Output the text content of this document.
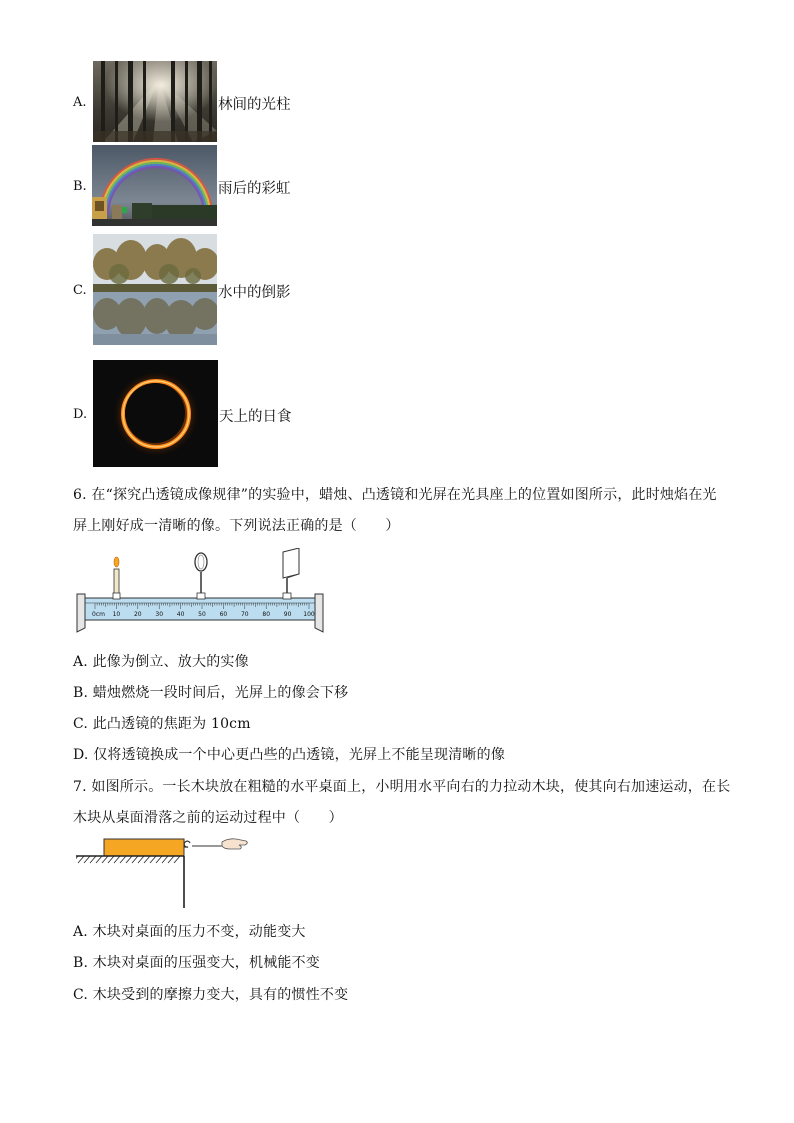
A.	林间的光柱
B.	雨后的彩虹
C.	水中的倒影
D.	天上的日食
6. 在“探究凸透镜成像规律”的实验中，蜡烛、凸透镜和光屏在光具座上的位置如图所示，此时烛焰在光
屏上刚好成一清晰的像。下列说法正确的是（　　）
0cm 10 20 30 40 50 60 70 80 90 100
A. 此像为倒立、放大的实像
B. 蜡烛燃烧一段时间后，光屏上的像会下移
C. 此凸透镜的焦距为 10cm
D. 仅将透镜换成一个中心更凸些的凸透镜，光屏上不能呈现清晰的像
7. 如图所示。一长木块放在粗糙的水平桌面上，小明用水平向右的力拉动木块，使其向右加速运动，在长
木块从桌面滑落之前的运动过程中（　　）
A. 木块对桌面的压力不变，动能变大
B. 木块对桌面的压强变大，机械能不变
C. 木块受到的摩擦力变大，具有的惯性不变
